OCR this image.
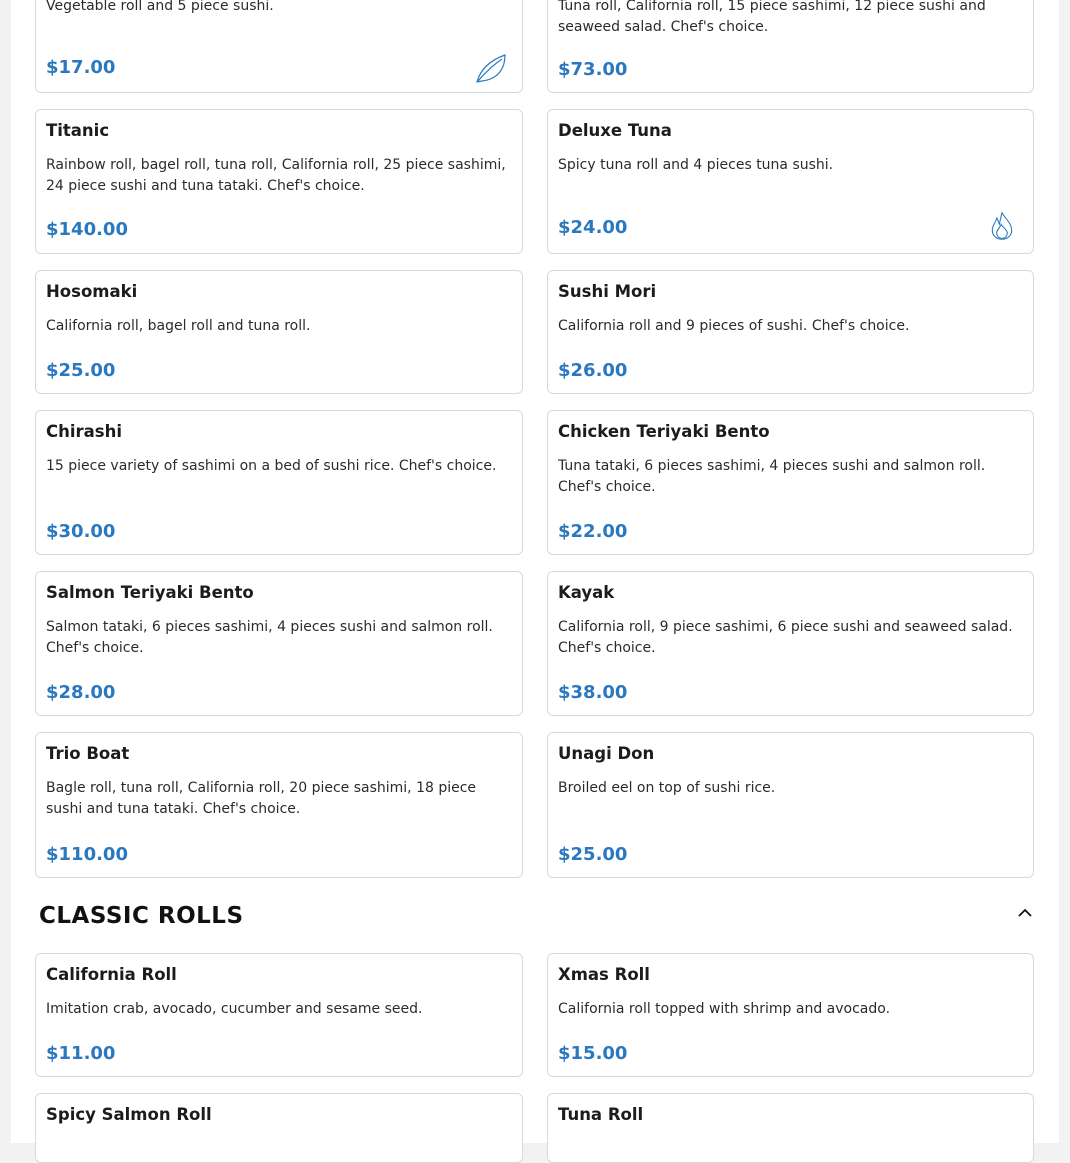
Vegetable roll and 5 piece sushi.
$17.00
Tuna roll, California roll, 15 piece sashimi, 12 piece sushi and seaweed salad. Chef's choice.
$73.00
Titanic
Rainbow roll, bagel roll, tuna roll, California roll, 25 piece sashimi, 24 piece sushi and tuna tataki. Chef's choice.
$140.00
Deluxe Tuna
Spicy tuna roll and 4 pieces tuna sushi.
$24.00
Hosomaki
California roll, bagel roll and tuna roll.
$25.00
Sushi Mori
California roll and 9 pieces of sushi. Chef's choice.
$26.00
Chirashi
15 piece variety of sashimi on a bed of sushi rice. Chef's choice.
$30.00
Chicken Teriyaki Bento
Tuna tataki, 6 pieces sashimi, 4 pieces sushi and salmon roll. Chef's choice.
$22.00
Salmon Teriyaki Bento
Salmon tataki, 6 pieces sashimi, 4 pieces sushi and salmon roll. Chef's choice.
$28.00
Kayak
California roll, 9 piece sashimi, 6 piece sushi and seaweed salad. Chef's choice.
$38.00
Trio Boat
Bagle roll, tuna roll, California roll, 20 piece sashimi, 18 piece sushi and tuna tataki. Chef's choice.
$110.00
Unagi Don
Broiled eel on top of sushi rice.
$25.00
CLASSIC ROLLS
California Roll
Imitation crab, avocado, cucumber and sesame seed.
$11.00
Xmas Roll
California roll topped with shrimp and avocado.
$15.00
Spicy Salmon Roll	Tuna Roll
